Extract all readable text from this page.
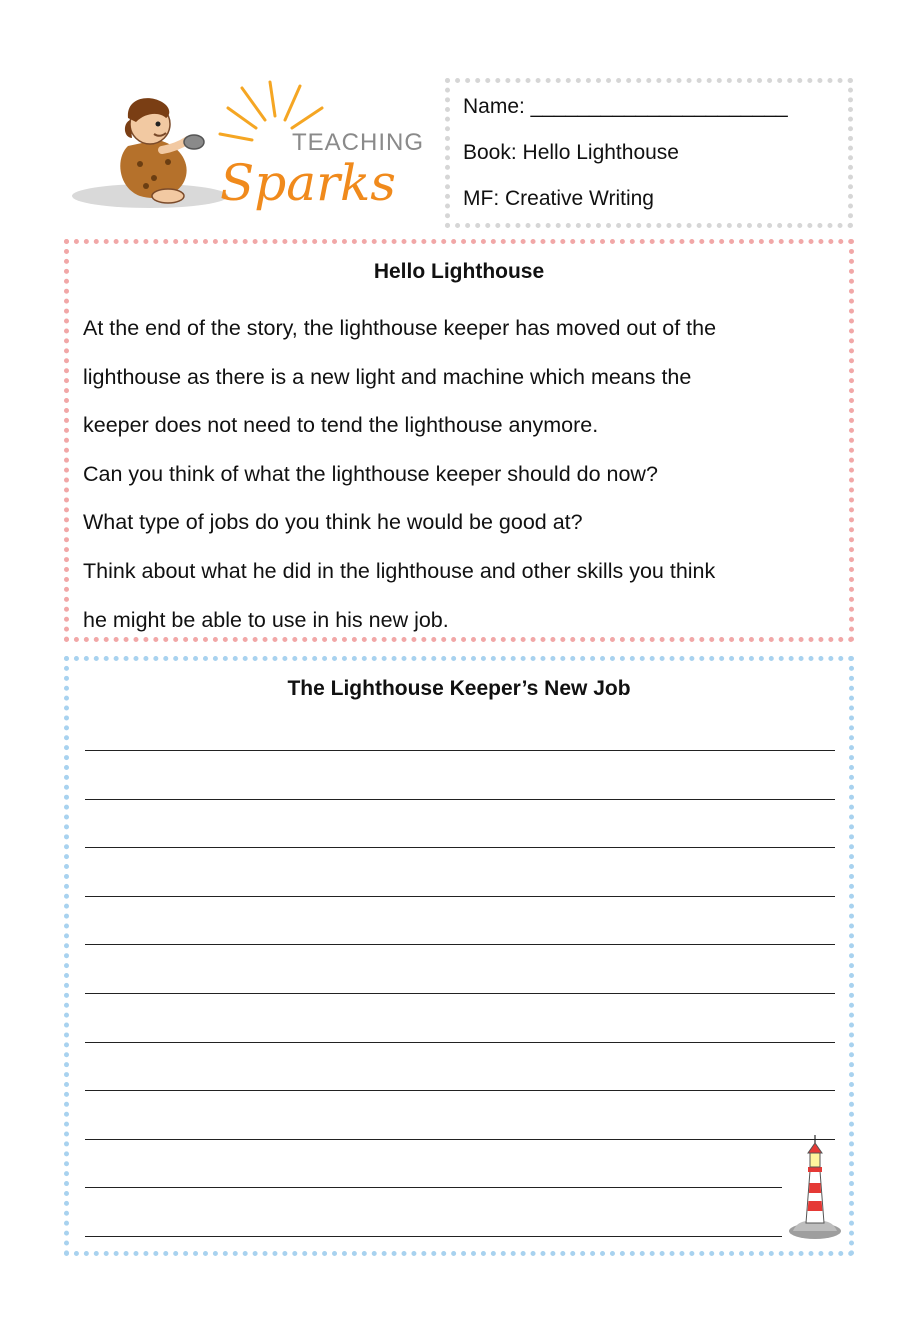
TEACHING
Sparks
Name: ______________________
Book: Hello Lighthouse
MF: Creative Writing
Hello Lighthouse

At the end of the story, the lighthouse keeper has moved out of the

lighthouse as there is a new light and machine which means the

keeper does not need to tend the lighthouse anymore.

Can you think of what the lighthouse keeper should do now?

What type of jobs do you think he would be good at?

Think about what he did in the lighthouse and other skills you think

he might be able to use in his new job.

The Lighthouse Keeper’s New Job
